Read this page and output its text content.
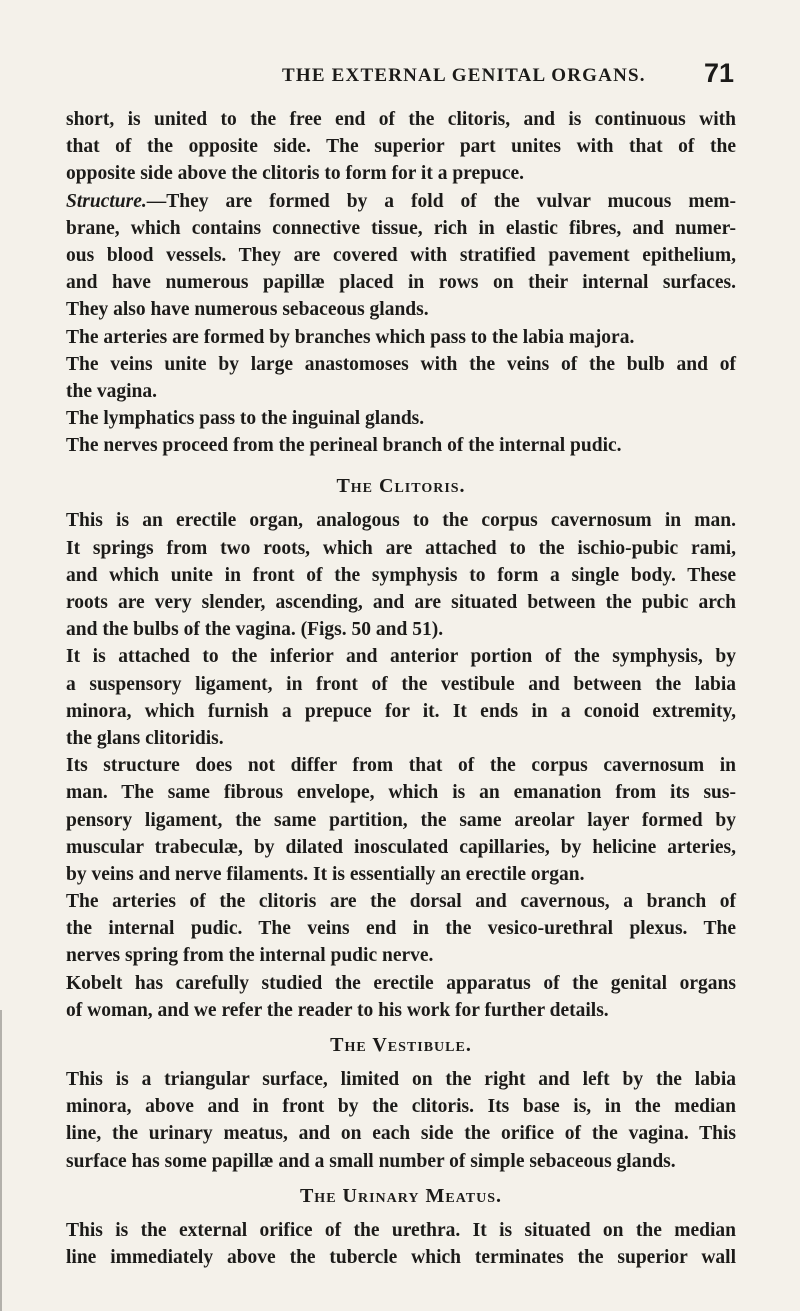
THE EXTERNAL GENITAL ORGANS. 71
short, is united to the free end of the clitoris, and is continuous with
that of the opposite side. The superior part unites with that of the
opposite side above the clitoris to form for it a prepuce.
Structure.—They are formed by a fold of the vulvar mucous mem-
brane, which contains connective tissue, rich in elastic fibres, and numer-
ous blood vessels. They are covered with stratified pavement epithelium,
and have numerous papillæ placed in rows on their internal surfaces.
They also have numerous sebaceous glands.
The arteries are formed by branches which pass to the labia majora.
The veins unite by large anastomoses with the veins of the bulb and of
the vagina.
The lymphatics pass to the inguinal glands.
The nerves proceed from the perineal branch of the internal pudic.
The Clitoris.
This is an erectile organ, analogous to the corpus cavernosum in man.
It springs from two roots, which are attached to the ischio-pubic rami,
and which unite in front of the symphysis to form a single body. These
roots are very slender, ascending, and are situated between the pubic arch
and the bulbs of the vagina. (Figs. 50 and 51).
It is attached to the inferior and anterior portion of the symphysis, by
a suspensory ligament, in front of the vestibule and between the labia
minora, which furnish a prepuce for it. It ends in a conoid extremity,
the glans clitoridis.
Its structure does not differ from that of the corpus cavernosum in
man. The same fibrous envelope, which is an emanation from its sus-
pensory ligament, the same partition, the same areolar layer formed by
muscular trabeculæ, by dilated inosculated capillaries, by helicine arteries,
by veins and nerve filaments. It is essentially an erectile organ.
The arteries of the clitoris are the dorsal and cavernous, a branch of
the internal pudic. The veins end in the vesico-urethral plexus. The
nerves spring from the internal pudic nerve.
Kobelt has carefully studied the erectile apparatus of the genital organs
of woman, and we refer the reader to his work for further details.
The Vestibule.
This is a triangular surface, limited on the right and left by the labia
minora, above and in front by the clitoris. Its base is, in the median
line, the urinary meatus, and on each side the orifice of the vagina. This
surface has some papillæ and a small number of simple sebaceous glands.
The Urinary Meatus.
This is the external orifice of the urethra. It is situated on the median
line immediately above the tubercle which terminates the superior wall
